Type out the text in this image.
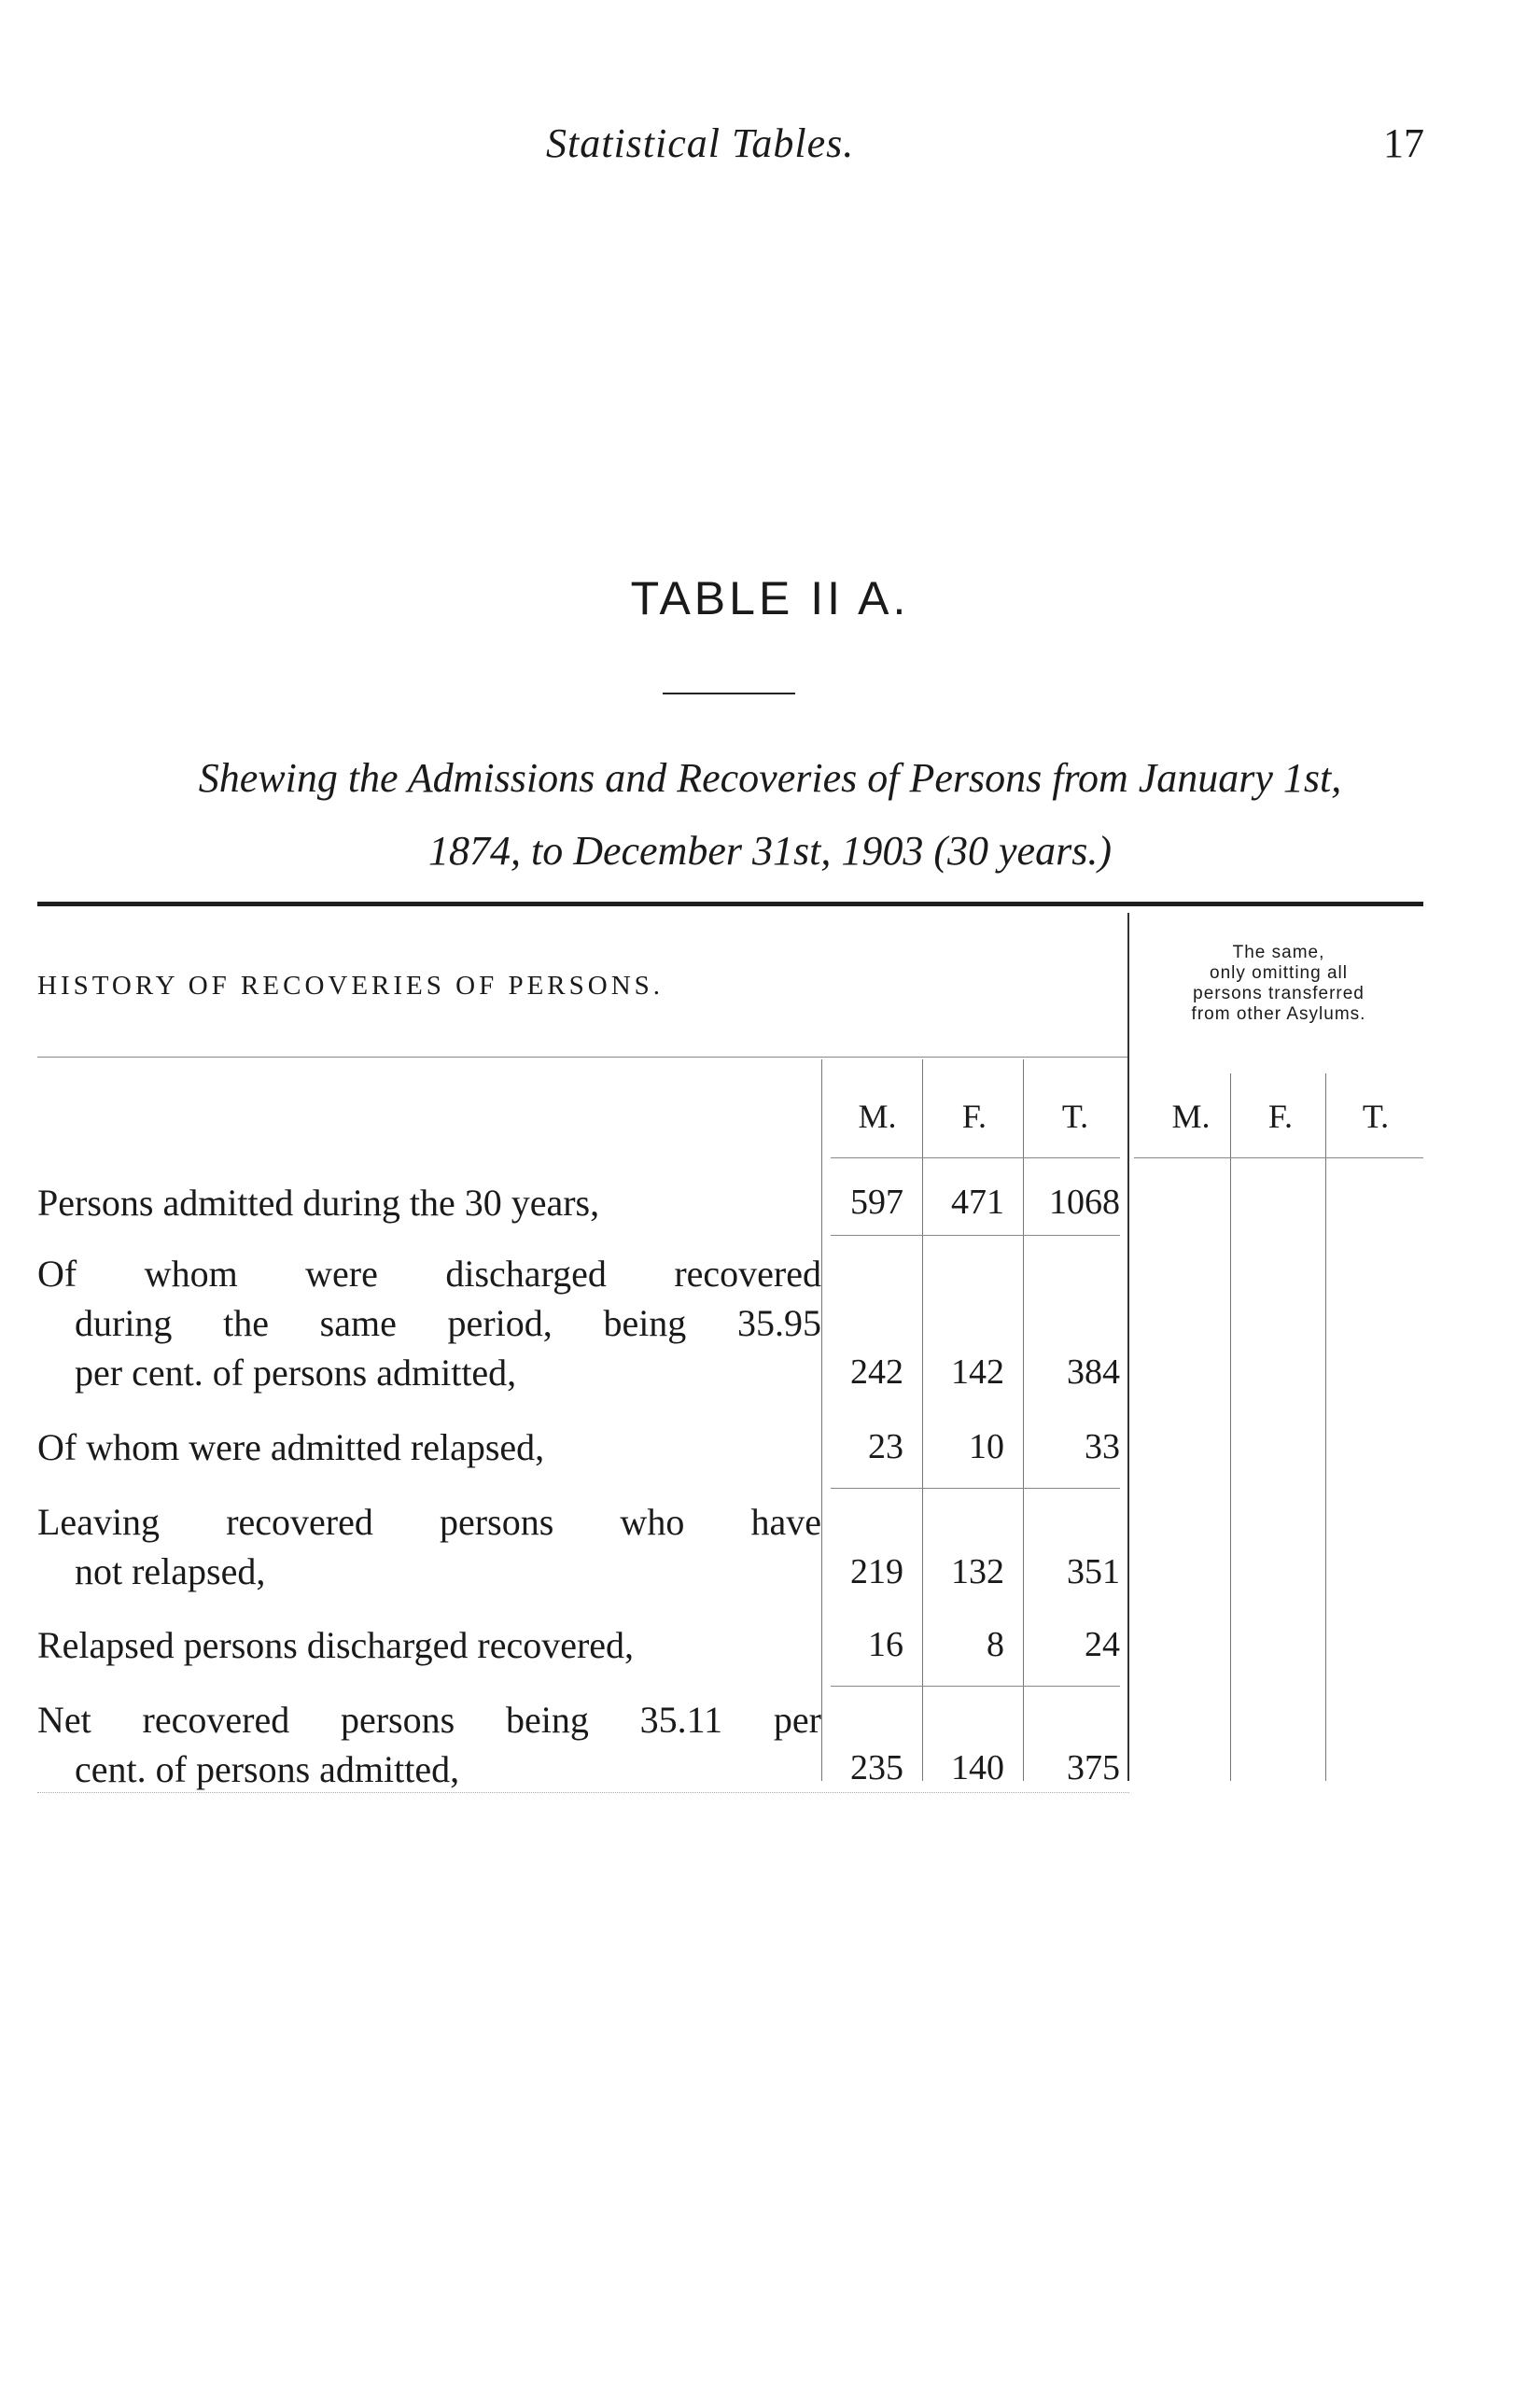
Statistical Tables.	17
TABLE II A.
Shewing the Admissions and Recoveries of Persons from January 1st,
1874, to December 31st, 1903 (30 years.)
HISTORY OF RECOVERIES OF PERSONS.
The same,
only omitting all
persons transferred
from other Asylums.
M.	F.	T.	M.	F.	T.
Persons admitted during the 30 years,	597	471	1068
Of whom were discharged recovered
during the same period, being 35.95
per cent. of persons admitted,	242	142	384
Of whom were admitted relapsed,	23	10	33
Leaving recovered persons who have
not relapsed,	219	132	351
Relapsed persons discharged recovered,	16	8	24
Net recovered persons being 35.11 per
cent. of persons admitted,	235	140	375
